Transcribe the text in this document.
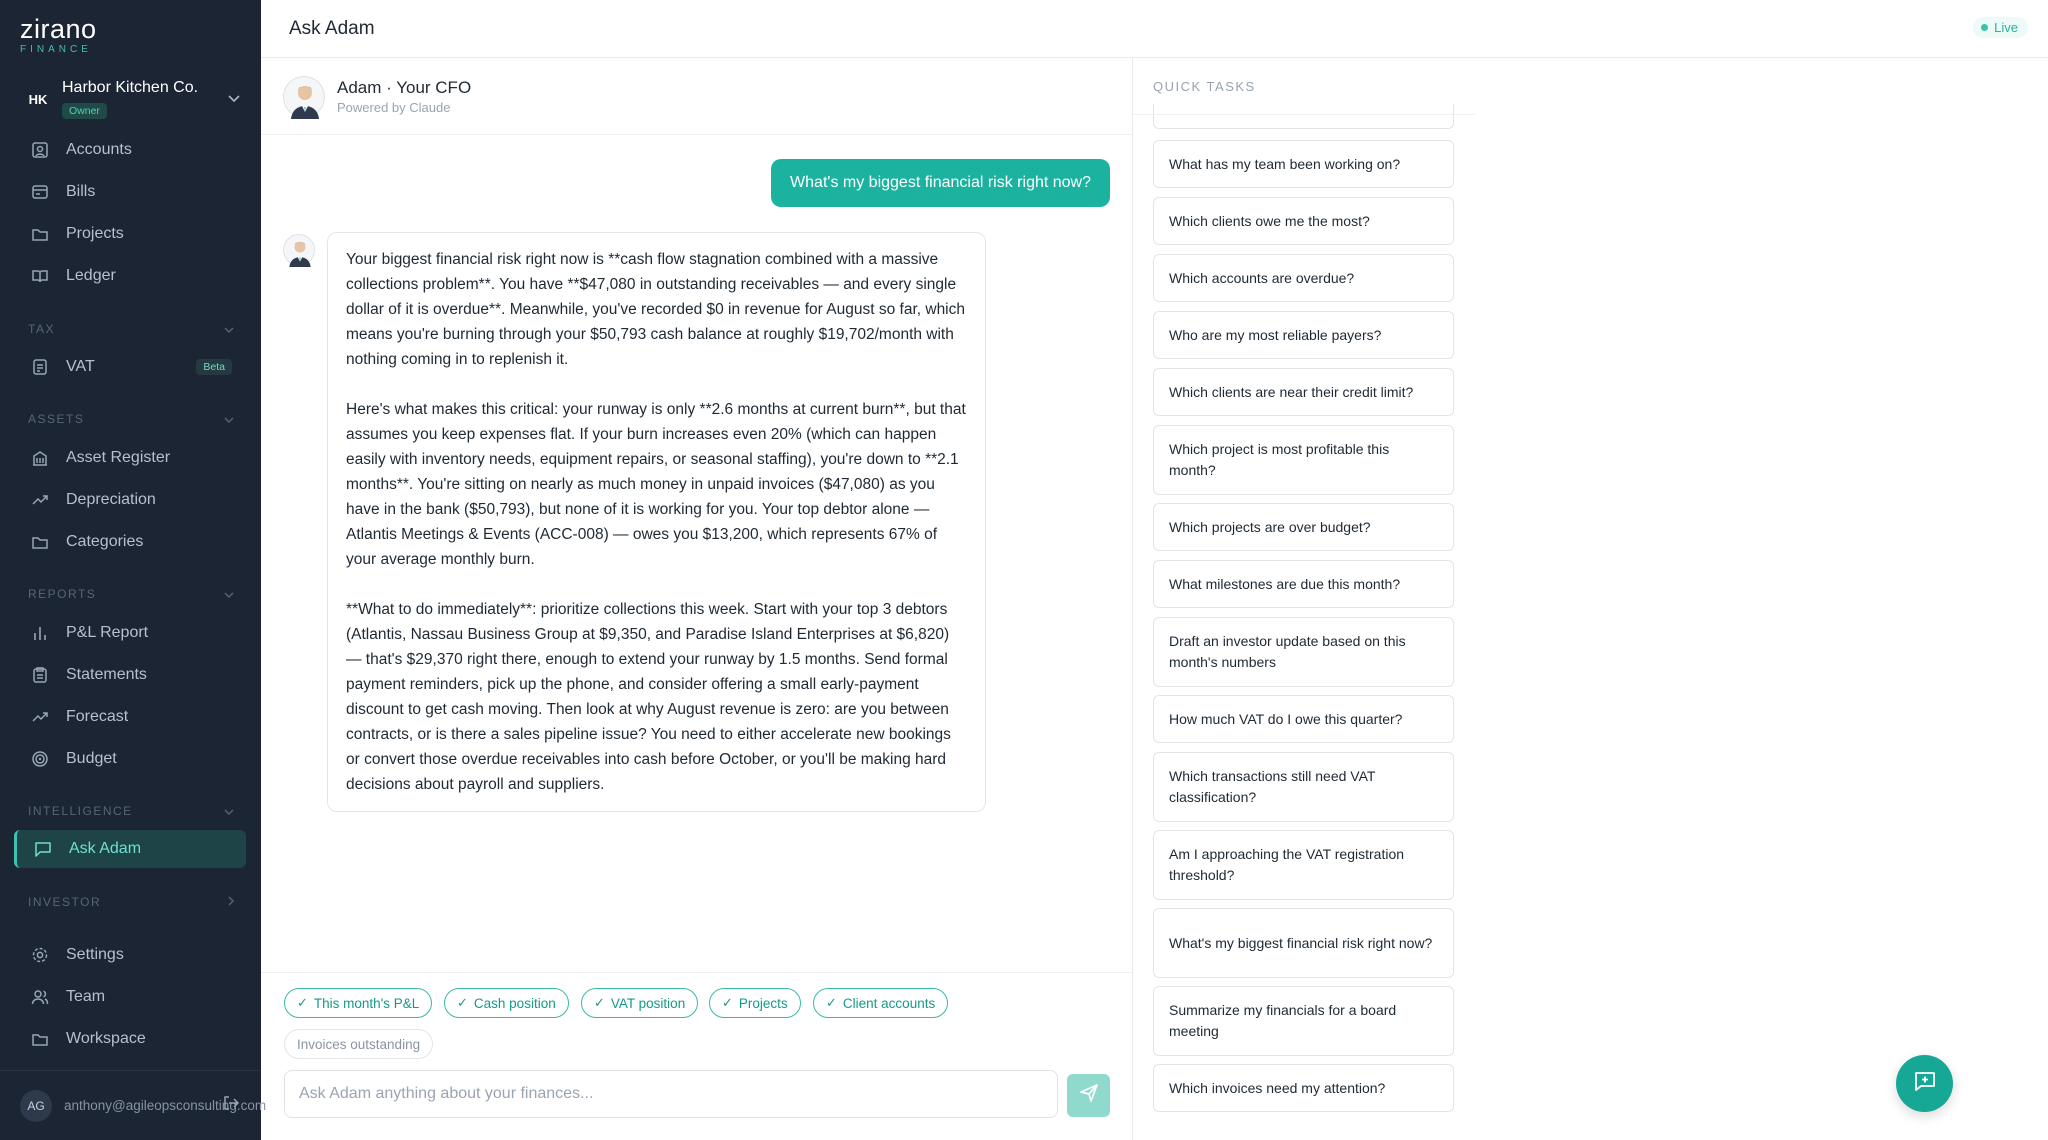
zirano
FINANCE
HK
Harbor Kitchen Co.
Owner
Accounts
Bills
Projects
Ledger
TAX
VAT	Beta
ASSETS
Asset Register
Depreciation
Categories
REPORTS
P&L Report
Statements
Forecast
Budget
INTELLIGENCE
Ask Adam
INVESTOR
Settings
Team
Workspace
AG	anthony@agileopsconsulting.com
Ask Adam	Live
Adam · Your CFO
Powered by Claude
What's my biggest financial risk right now?

Your biggest financial risk right now is **cash flow stagnation combined with a massive collections problem**. You have **$47,080 in outstanding receivables — and every single dollar of it is overdue**. Meanwhile, you've recorded $0 in revenue for August so far, which means you're burning through your $50,793 cash balance at roughly $19,702/month with nothing coming in to replenish it.

Here's what makes this critical: your runway is only **2.6 months at current burn**, but that assumes you keep expenses flat. If your burn increases even 20% (which can happen easily with inventory needs, equipment repairs, or seasonal staffing), you're down to **2.1 months**. You're sitting on nearly as much money in unpaid invoices ($47,080) as you have in the bank ($50,793), but none of it is working for you. Your top debtor alone — Atlantis Meetings & Events (ACC-008) — owes you $13,200, which represents 67% of your average monthly burn.

**What to do immediately**: prioritize collections this week. Start with your top 3 debtors (Atlantis, Nassau Business Group at $9,350, and Paradise Island Enterprises at $6,820) — that's $29,370 right there, enough to extend your runway by 1.5 months. Send formal payment reminders, pick up the phone, and consider offering a small early-payment discount to get cash moving. Then look at why August revenue is zero: are you between contracts, or is there a sales pipeline issue? You need to either accelerate new bookings or convert those overdue receivables into cash before October, or you'll be making hard decisions about payroll and suppliers.

✓ This month's P&L	✓ Cash position	✓ VAT position	✓ Projects	✓ Client accounts
Invoices outstanding
Ask Adam anything about your finances...
QUICK TASKS
What has my team been working on?
Which clients owe me the most?
Which accounts are overdue?
Who are my most reliable payers?
Which clients are near their credit limit?
Which project is most profitable this month?
Which projects are over budget?
What milestones are due this month?
Draft an investor update based on this month's numbers
How much VAT do I owe this quarter?
Which transactions still need VAT classification?
Am I approaching the VAT registration threshold?
What's my biggest financial risk right now?
Summarize my financials for a board meeting
Which invoices need my attention?
